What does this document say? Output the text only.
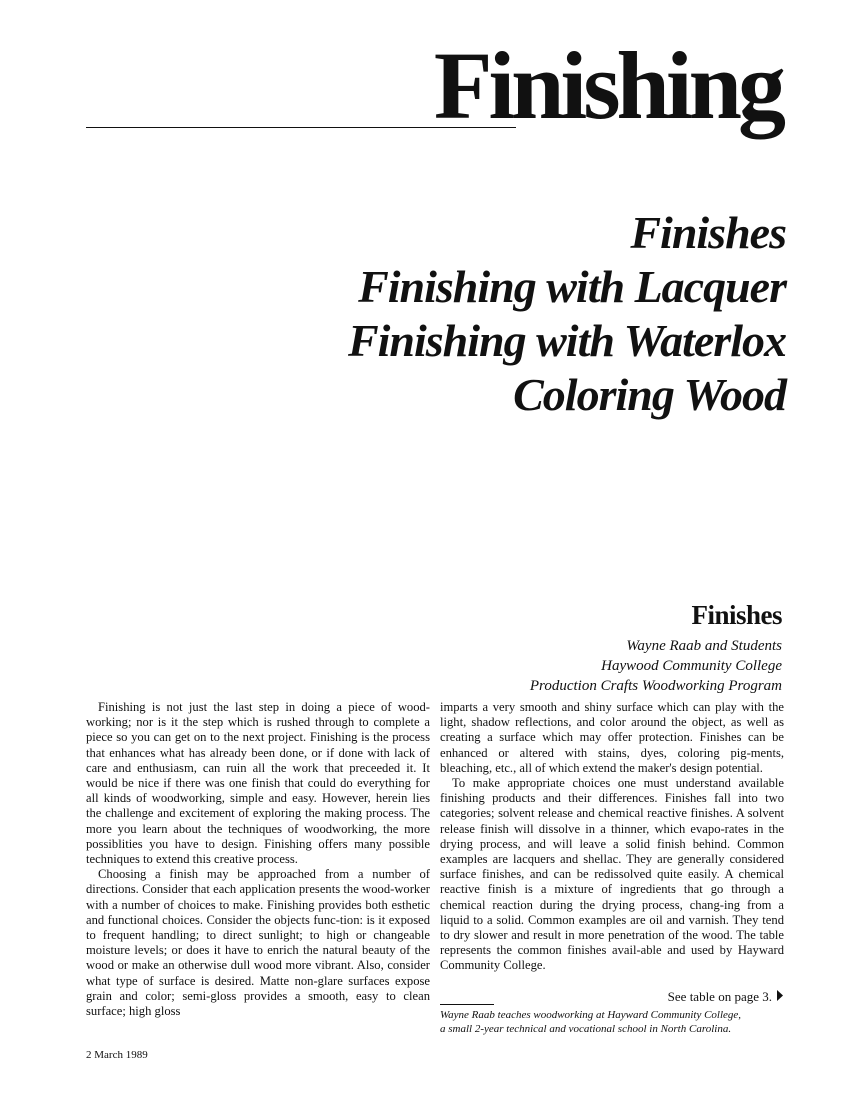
Finishing
Finishes
Finishing with Lacquer
Finishing with Waterlox
Coloring Wood
Finishes
Wayne Raab and Students
Haywood Community College
Production Crafts Woodworking Program

Finishing is not just the last step in doing a piece of wood-working; nor is it the step which is rushed through to complete a piece so you can get on to the next project. Finishing is the process that enhances what has already been done, or if done with lack of care and enthusiasm, can ruin all the work that preceeded it. It would be nice if there was one finish that could do everything for all kinds of woodworking, simple and easy. However, herein lies the challenge and excitement of exploring the making process. The more you learn about the techniques of woodworking, the more possiblities you have to design. Finishing offers many possible techniques to extend this creative process.

Choosing a finish may be approached from a number of directions. Consider that each application presents the wood-worker with a number of choices to make. Finishing provides both esthetic and functional choices. Consider the objects func-tion: is it exposed to frequent handling; to direct sunlight; to high or changeable moisture levels; or does it have to enrich the natural beauty of the wood or make an otherwise dull wood more vibrant. Also, consider what type of surface is desired. Matte non-glare surfaces expose grain and color; semi-gloss provides a smooth, easy to clean surface; high gloss

imparts a very smooth and shiny surface which can play with the light, shadow reflections, and color around the object, as well as creating a surface which may offer protection. Finishes can be enhanced or altered with stains, dyes, coloring pig-ments, bleaching, etc., all of which extend the maker's design potential.

To make appropriate choices one must understand available finishing products and their differences. Finishes fall into two categories; solvent release and chemical reactive finishes. A solvent release finish will dissolve in a thinner, which evapo-rates in the drying process, and will leave a solid finish behind. Common examples are lacquers and shellac. They are generally considered surface finishes, and can be redissolved quite easily. A chemical reactive finish is a mixture of ingredients that go through a chemical reaction during the drying process, chang-ing from a liquid to a solid. Common examples are oil and varnish. They tend to dry slower and result in more penetration of the wood. The table represents the common finishes avail-able and used by Hayward Community College.

See table on page 3.
Wayne Raab teaches woodworking at Hayward Community College,
a small 2-year technical and vocational school in North Carolina.
2 March 1989
